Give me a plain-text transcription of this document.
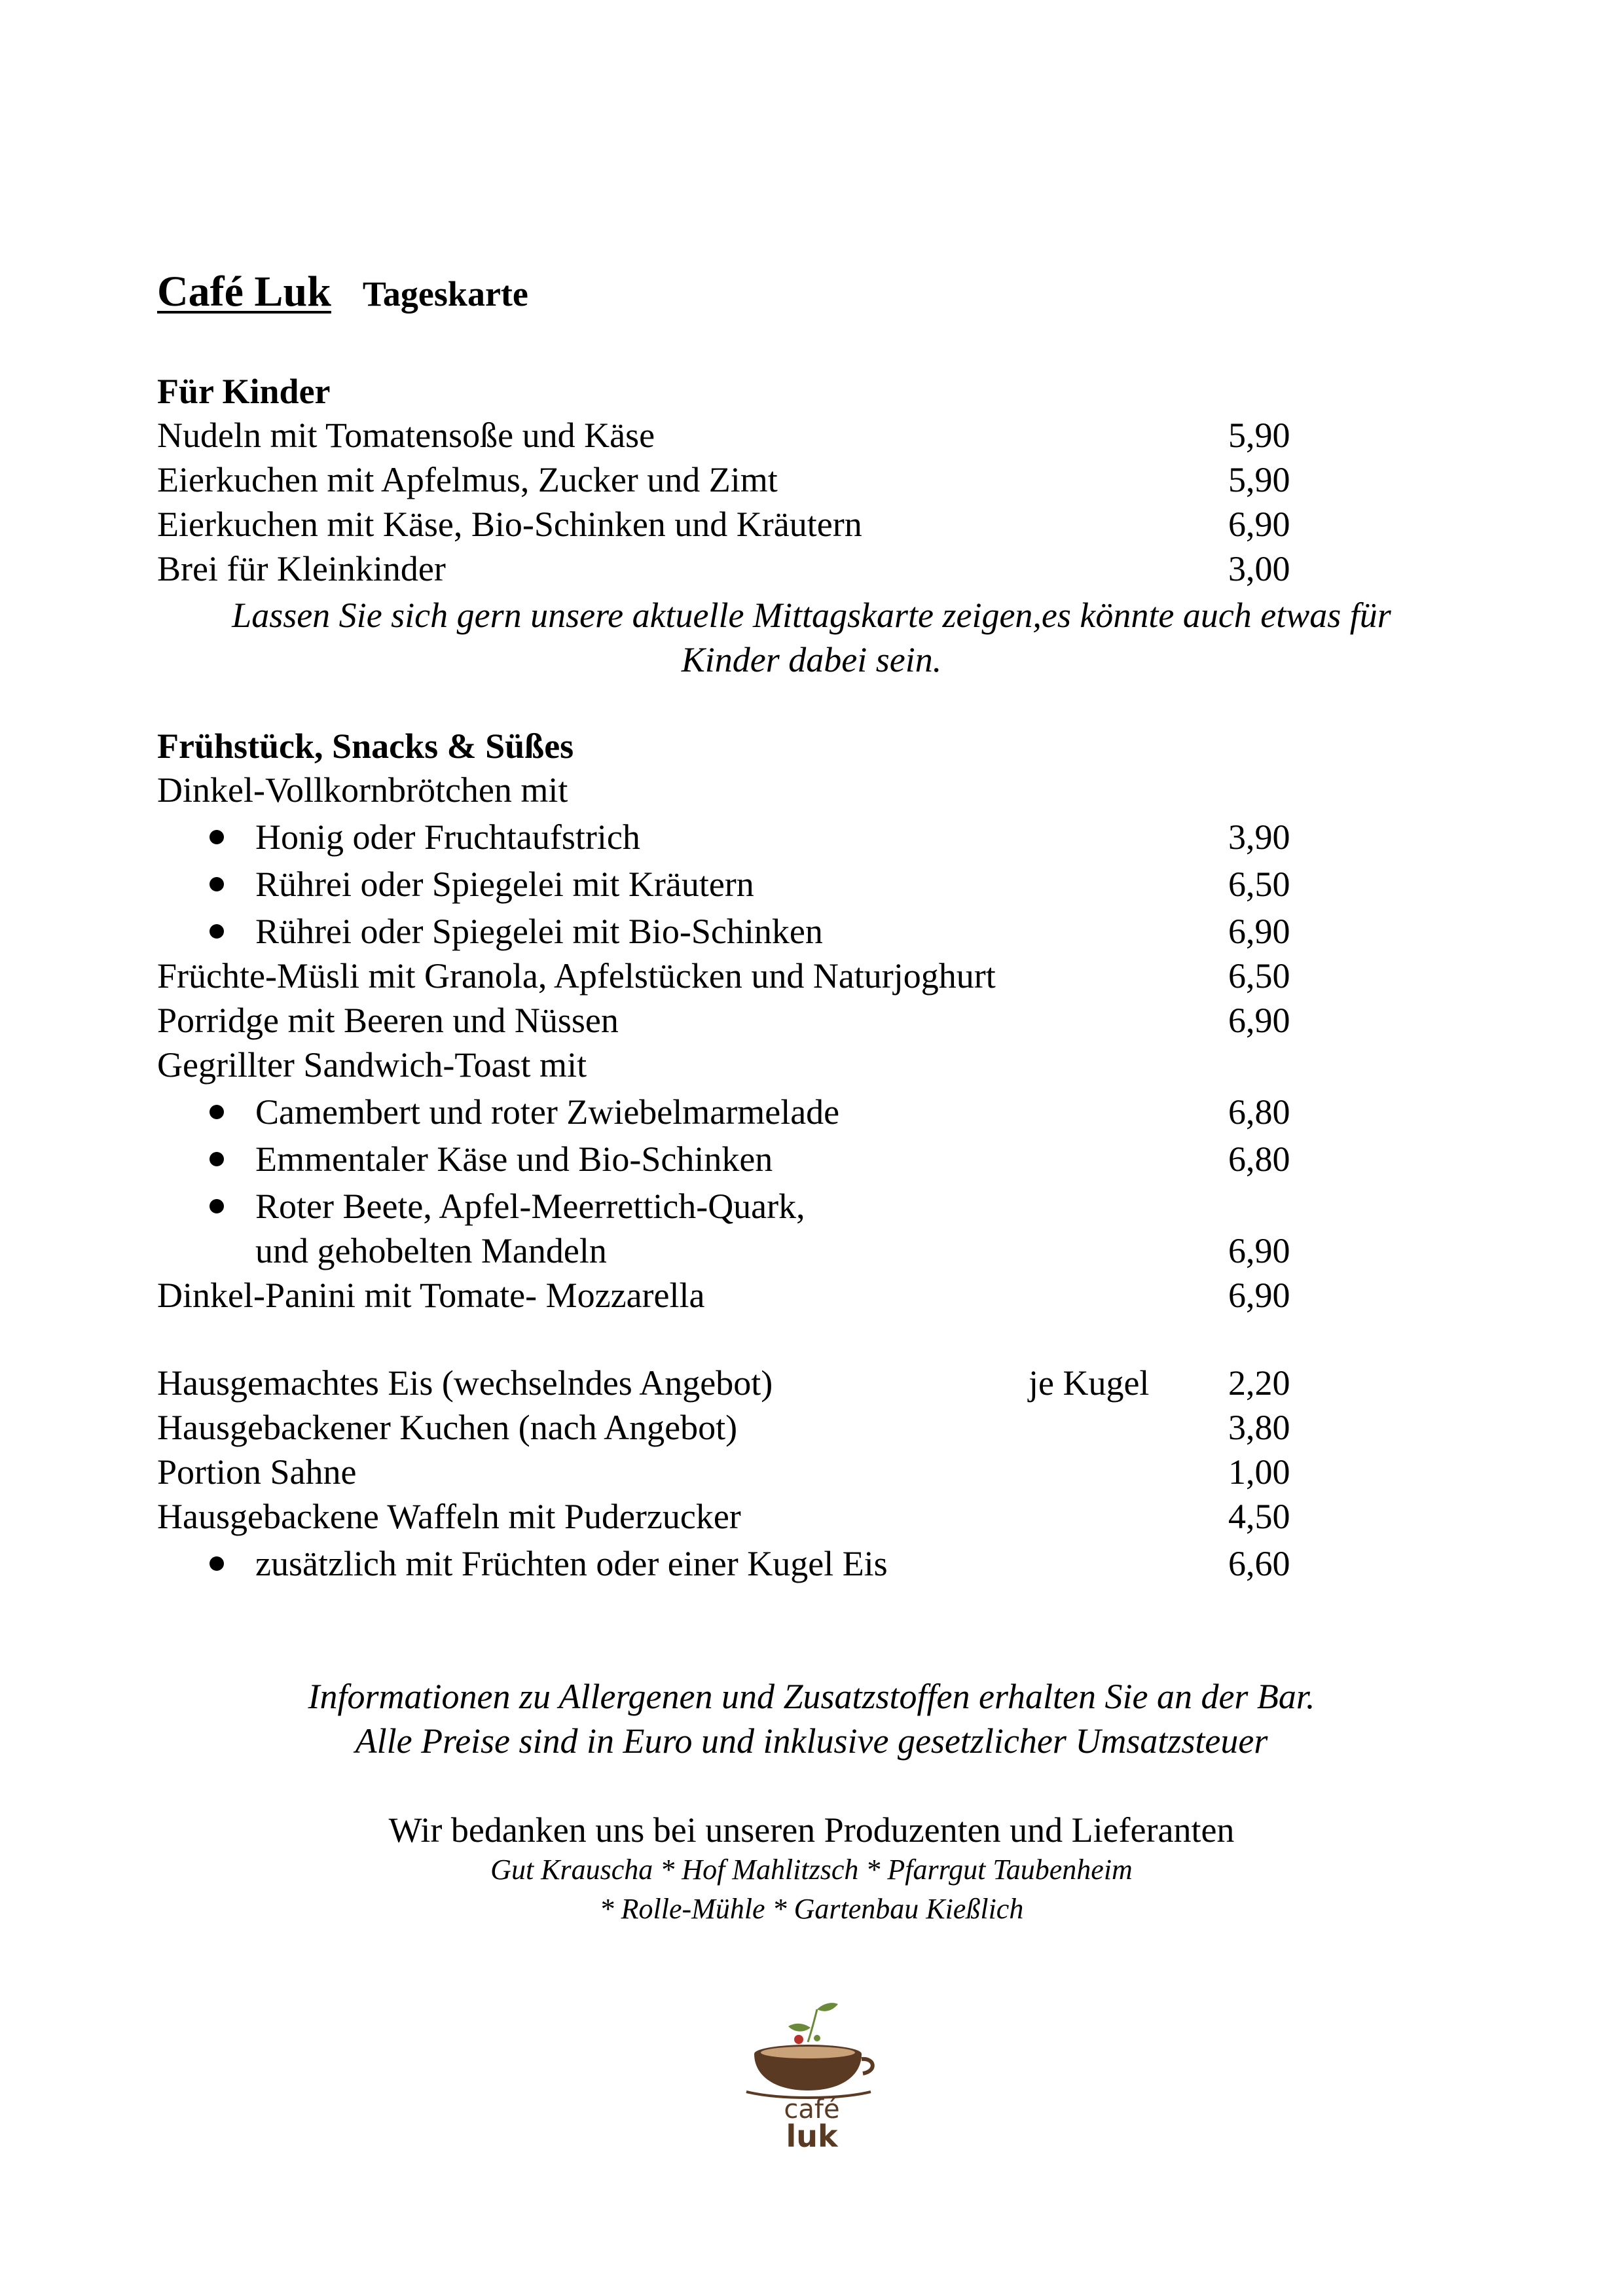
Café Luk Tageskarte
Für Kinder
Nudeln mit Tomatensoße und Käse	5,90
Eierkuchen mit Apfelmus, Zucker und Zimt	5,90
Eierkuchen mit Käse, Bio-Schinken und Kräutern	6,90
Brei für Kleinkinder	3,00
Lassen Sie sich gern unsere aktuelle Mittagskarte zeigen,es könnte auch etwas für
Kinder dabei sein.
Frühstück, Snacks & Süßes
Dinkel-Vollkornbrötchen mit
Honig oder Fruchtaufstrich	3,90
Rührei oder Spiegelei mit Kräutern	6,50
Rührei oder Spiegelei mit Bio-Schinken	6,90
Früchte-Müsli mit Granola, Apfelstücken und Naturjoghurt	6,50
Porridge mit Beeren und Nüssen	6,90
Gegrillter Sandwich-Toast mit
Camembert und roter Zwiebelmarmelade	6,80
Emmentaler Käse und Bio-Schinken	6,80
Roter Beete, Apfel-Meerrettich-Quark,
und gehobelten Mandeln	6,90
Dinkel-Panini mit Tomate- Mozzarella	6,90
Hausgemachtes Eis (wechselndes Angebot)	je Kugel 2,20
Hausgebackener Kuchen (nach Angebot)	3,80
Portion Sahne	1,00
Hausgebackene Waffeln mit Puderzucker	4,50
zusätzlich mit Früchten oder einer Kugel Eis	6,60
Informationen zu Allergenen und Zusatzstoffen erhalten Sie an der Bar.
Alle Preise sind in Euro und inklusive gesetzlicher Umsatzsteuer
Wir bedanken uns bei unseren Produzenten und Lieferanten
Gut Krauscha * Hof Mahlitzsch * Pfarrgut Taubenheim
* Rolle-Mühle * Gartenbau Kießlich
café
luk
